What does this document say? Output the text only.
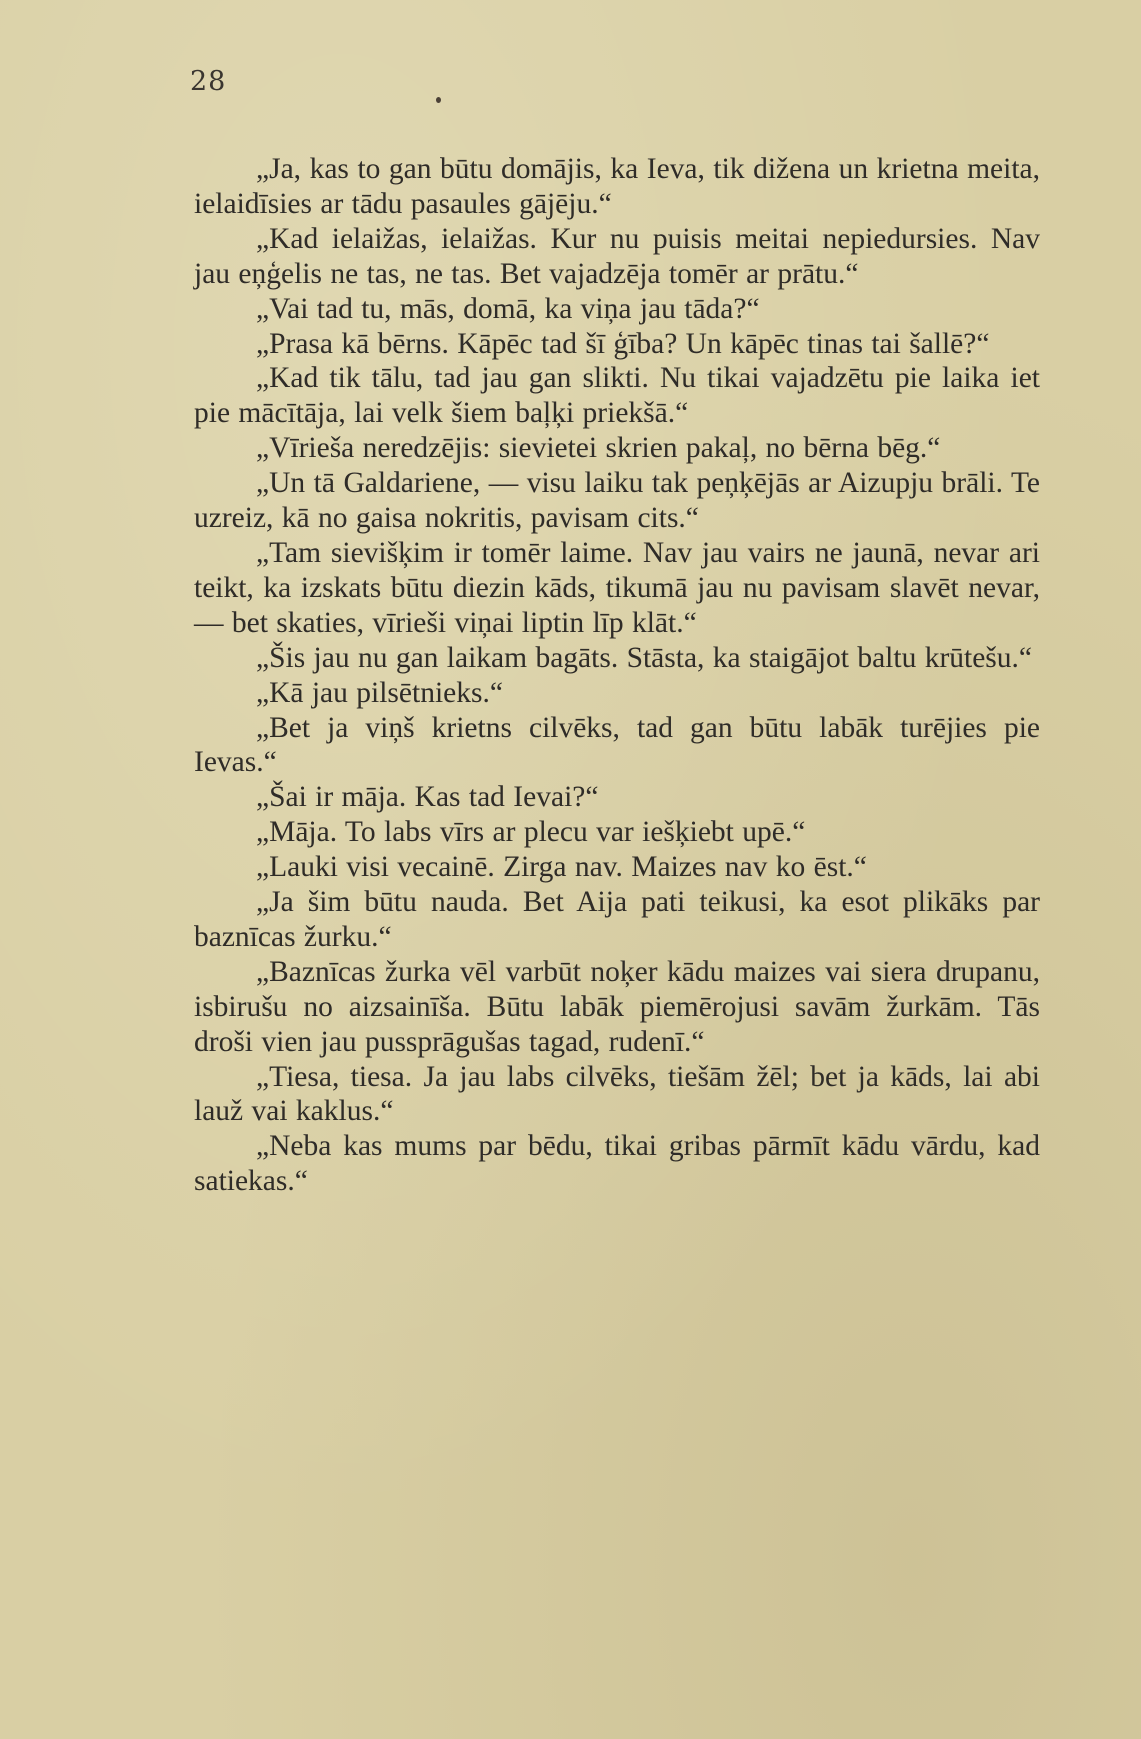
28

„Ja, kas to gan būtu domājis, ka Ieva, tik dižena un krietna meita, ielaidīsies ar tādu pasaules gājēju.“

„Kad ielaižas, ielaižas. Kur nu puisis meitai nepiedursies. Nav jau eņģelis ne tas, ne tas. Bet vajadzēja tomēr ar prātu.“

„Vai tad tu, mās, domā, ka viņa jau tāda?“

„Prasa kā bērns. Kāpēc tad šī ģība? Un kāpēc tinas tai šallē?“

„Kad tik tālu, tad jau gan slikti. Nu tikai vajadzētu pie laika iet pie mācītāja, lai velk šiem baļķi priekšā.“

„Vīrieša neredzējis: sievietei skrien pakaļ, no bērna bēg.“

„Un tā Galdariene, — visu laiku tak peņķējās ar Aizupju brāli. Te uzreiz, kā no gaisa nokritis, pavisam cits.“

„Tam sievišķim ir tomēr laime. Nav jau vairs ne jaunā, nevar ari teikt, ka izskats būtu diezin kāds, tikumā jau nu pavisam slavēt nevar, — bet skaties, vīrieši viņai liptin līp klāt.“

„Šis jau nu gan laikam bagāts. Stāsta, ka staigājot baltu krūtešu.“

„Kā jau pilsētnieks.“

„Bet ja viņš krietns cilvēks, tad gan būtu labāk turējies pie Ievas.“

„Šai ir māja. Kas tad Ievai?“

„Māja. To labs vīrs ar plecu var iešķiebt upē.“

„Lauki visi vecainē. Zirga nav. Maizes nav ko ēst.“

„Ja šim būtu nauda. Bet Aija pati teikusi, ka esot plikāks par baznīcas žurku.“

„Baznīcas žurka vēl varbūt noķer kādu maizes vai siera drupanu, isbirušu no aizsainīša. Būtu labāk piemērojusi savām žurkām. Tās droši vien jau pussprāgušas tagad, rudenī.“

„Tiesa, tiesa. Ja jau labs cilvēks, tiešām žēl; bet ja kāds, lai abi lauž vai kaklus.“

„Neba kas mums par bēdu, tikai gribas pārmīt kādu vārdu, kad satiekas.“
